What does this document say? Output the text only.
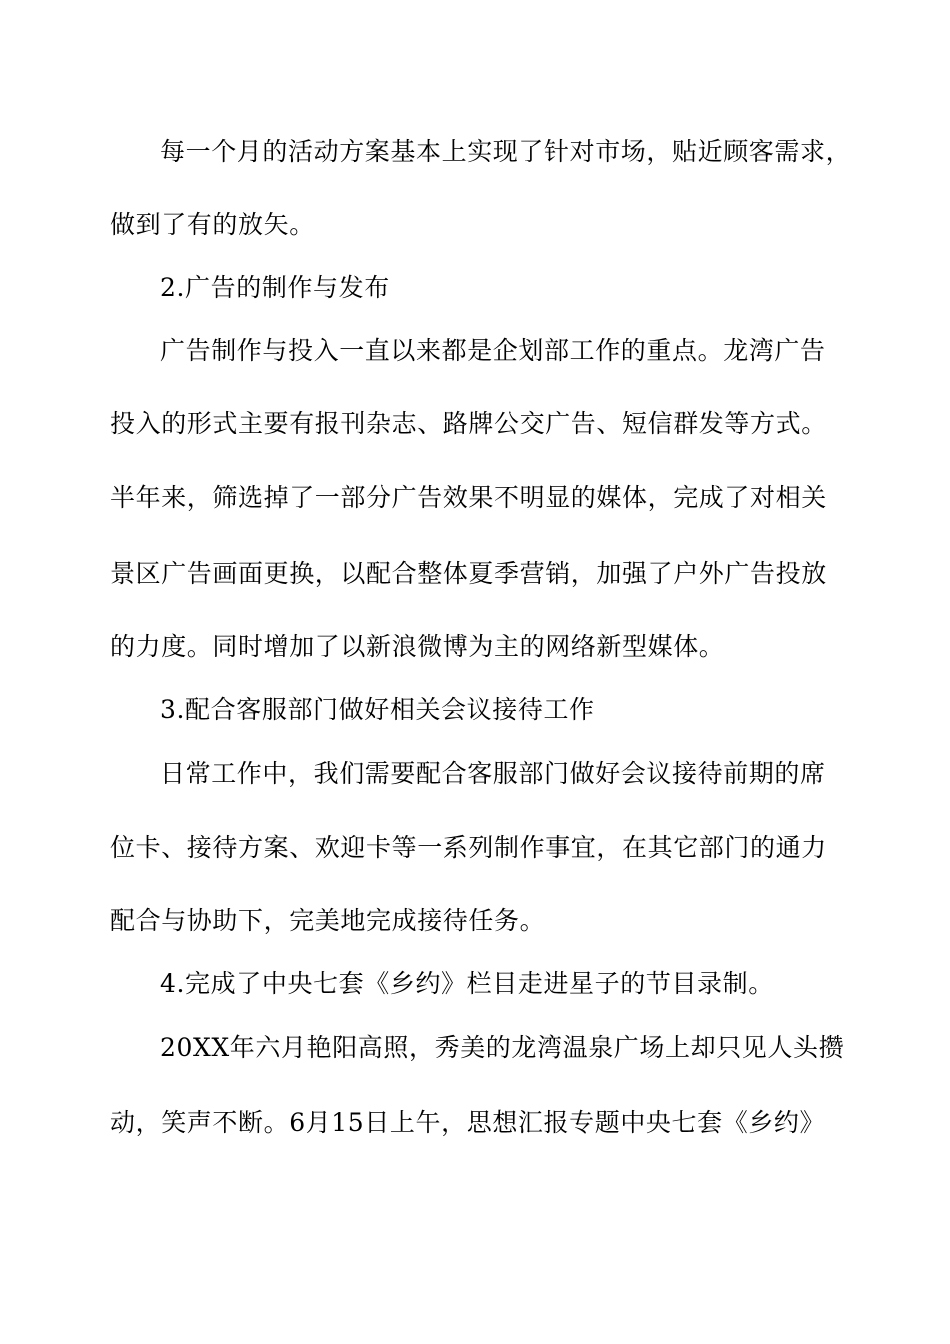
每一个月的活动方案基本上实现了针对市场，贴近顾客需求，
做到了有的放矢。
2.广告的制作与发布
广告制作与投入一直以来都是企划部工作的重点。龙湾广告
投入的形式主要有报刊杂志、路牌公交广告、短信群发等方式。
半年来，筛选掉了一部分广告效果不明显的媒体，完成了对相关
景区广告画面更换，以配合整体夏季营销，加强了户外广告投放
的力度。同时增加了以新浪微博为主的网络新型媒体。
3.配合客服部门做好相关会议接待工作
日常工作中，我们需要配合客服部门做好会议接待前期的席
位卡、接待方案、欢迎卡等一系列制作事宜，在其它部门的通力
配合与协助下，完美地完成接待任务。
4.完成了中央七套《乡约》栏目走进星子的节目录制。
20XX年六月艳阳高照，秀美的龙湾温泉广场上却只见人头攒
动，笑声不断。6月15日上午，思想汇报专题中央七套《乡约》
